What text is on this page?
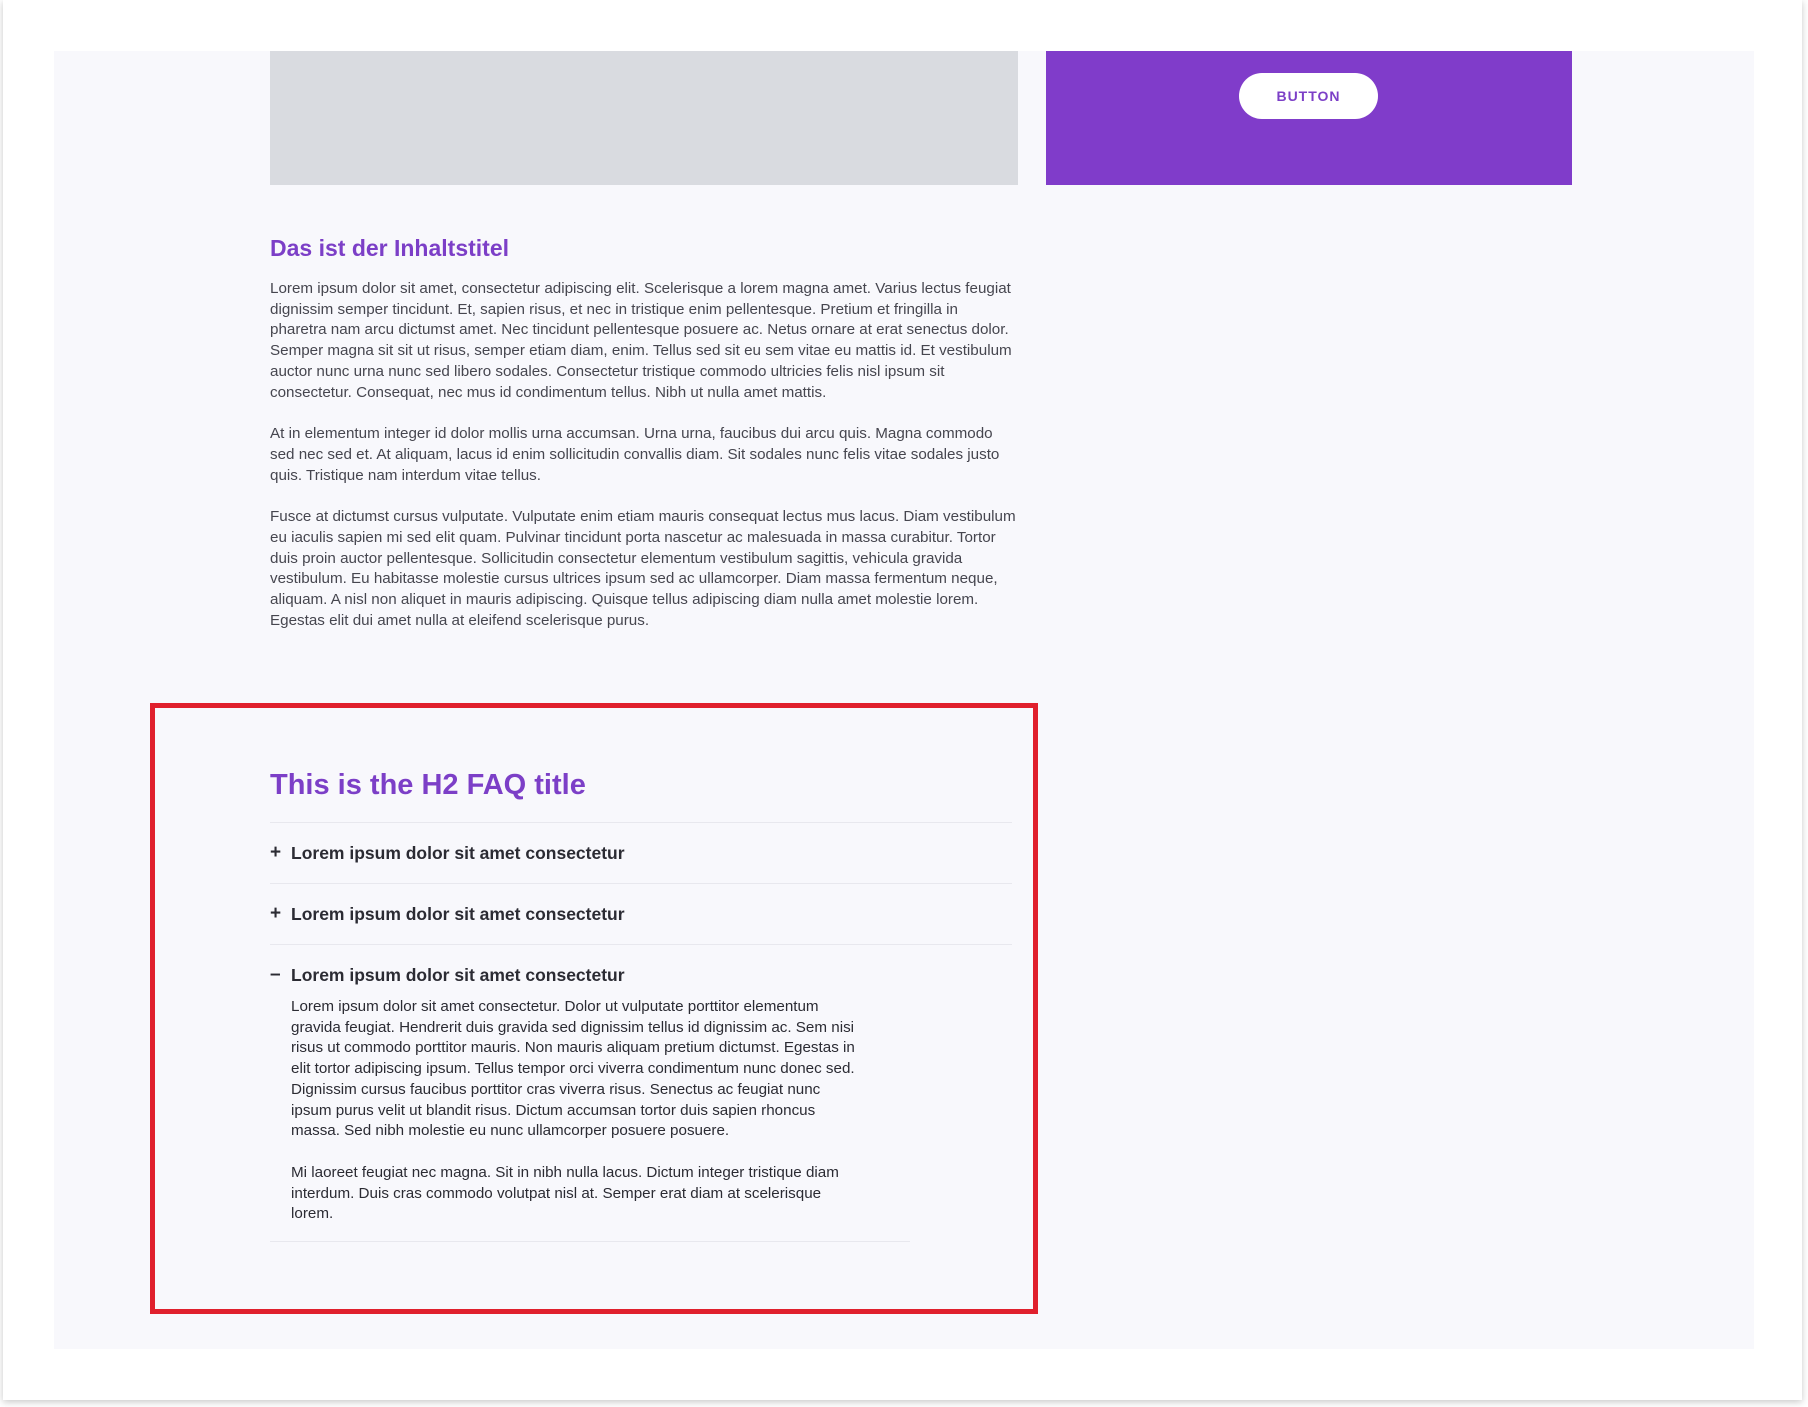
BUTTON
Das ist der Inhaltstitel

Lorem ipsum dolor sit amet, consectetur adipiscing elit. Scelerisque a lorem magna amet. Varius lectus feugiat dignissim semper tincidunt. Et, sapien risus, et nec in tristique enim pellentesque. Pretium et fringilla in pharetra nam arcu dictumst amet. Nec tincidunt pellentesque posuere ac. Netus ornare at erat senectus dolor. Semper magna sit sit ut risus, semper etiam diam, enim. Tellus sed sit eu sem vitae eu mattis id. Et vestibulum auctor nunc urna nunc sed libero sodales. Consectetur tristique commodo ultricies felis nisl ipsum sit consectetur. Consequat, nec mus id condimentum tellus. Nibh ut nulla amet mattis.

At in elementum integer id dolor mollis urna accumsan. Urna urna, faucibus dui arcu quis. Magna commodo sed nec sed et. At aliquam, lacus id enim sollicitudin convallis diam. Sit sodales nunc felis vitae sodales justo quis. Tristique nam interdum vitae tellus.

Fusce at dictumst cursus vulputate. Vulputate enim etiam mauris consequat lectus mus lacus. Diam vestibulum eu iaculis sapien mi sed elit quam. Pulvinar tincidunt porta nascetur ac malesuada in massa curabitur. Tortor duis proin auctor pellentesque. Sollicitudin consectetur elementum vestibulum sagittis, vehicula gravida vestibulum. Eu habitasse molestie cursus ultrices ipsum sed ac ullamcorper. Diam massa fermentum neque, aliquam. A nisl non aliquet in mauris adipiscing. Quisque tellus adipiscing diam nulla amet molestie lorem. Egestas elit dui amet nulla at eleifend scelerisque purus.

This is the H2 FAQ title
+ Lorem ipsum dolor sit amet consectetur
+ Lorem ipsum dolor sit amet consectetur
– Lorem ipsum dolor sit amet consectetur

Lorem ipsum dolor sit amet consectetur. Dolor ut vulputate porttitor elementum gravida feugiat. Hendrerit duis gravida sed dignissim tellus id dignissim ac. Sem nisi risus ut commodo porttitor mauris. Non mauris aliquam pretium dictumst. Egestas in elit tortor adipiscing ipsum. Tellus tempor orci viverra condimentum nunc donec sed. Dignissim cursus faucibus porttitor cras viverra risus. Senectus ac feugiat nunc ipsum purus velit ut blandit risus. Dictum accumsan tortor duis sapien rhoncus massa. Sed nibh molestie eu nunc ullamcorper posuere posuere.

Mi laoreet feugiat nec magna. Sit in nibh nulla lacus. Dictum integer tristique diam interdum. Duis cras commodo volutpat nisl at. Semper erat diam at scelerisque lorem.
